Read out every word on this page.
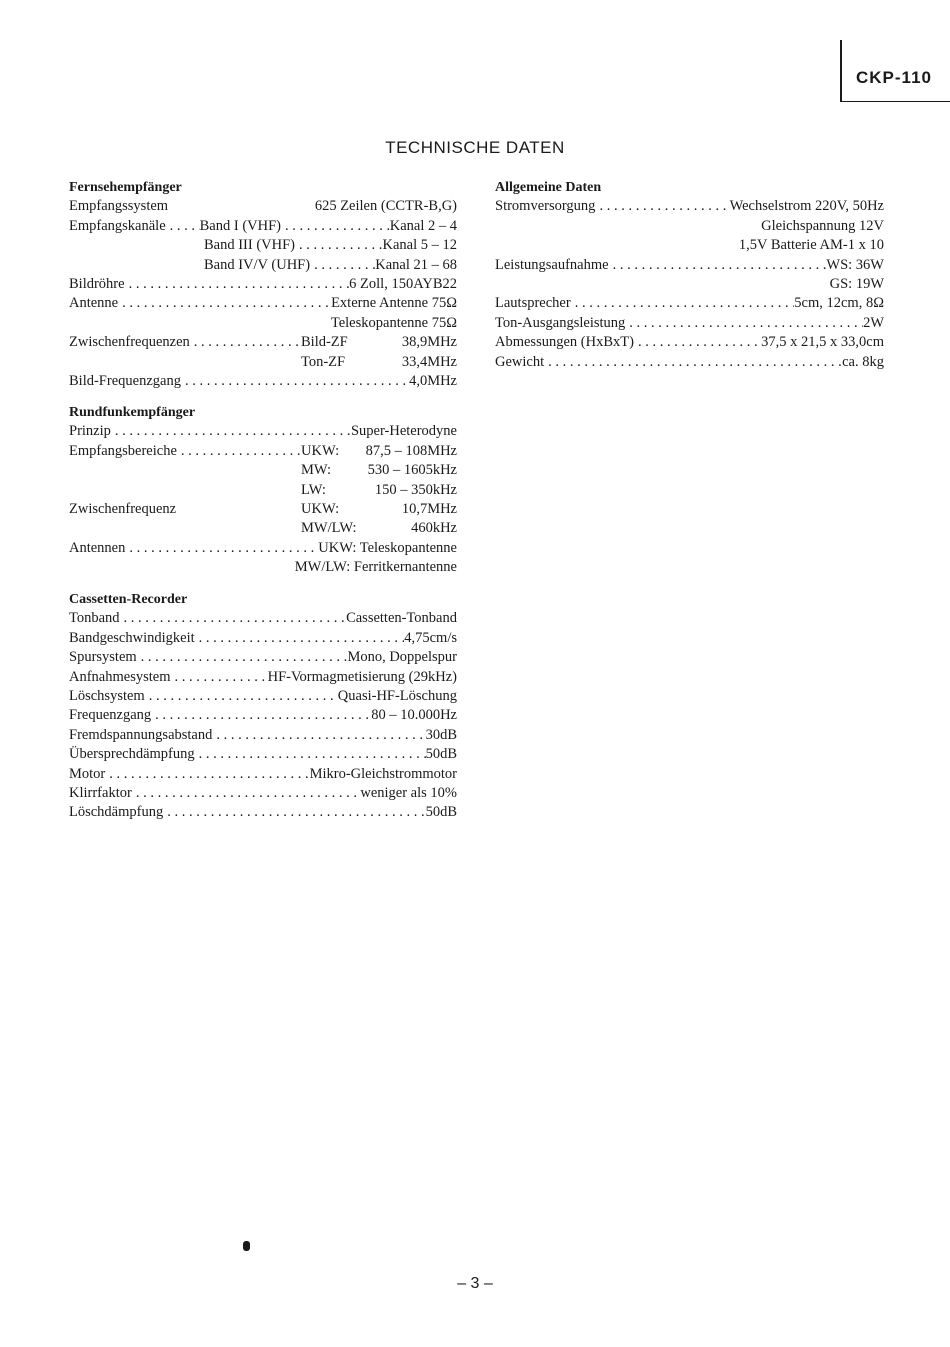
CKP-110
TECHNISCHE DATEN
Fernsehempfänger
Empfangssystem	625 Zeilen (CCTR-B,G)
Empfangskanäle . . . Band I (VHF) . . .	Kanal 2 – 4
Band III (VHF) . . .	Kanal 5 – 12
Band IV/V (UHF) . . .	Kanal 21 – 68
Bildröhre . . .	6 Zoll, 150AYB22
Antenne . . .	Externe Antenne 75Ω
Teleskopantenne 75Ω
Zwischenfrequenzen . . .	Bild-ZF	38,9MHz
Ton-ZF	33,4MHz
Bild-Frequenzgang . . .	4,0MHz
Rundfunkempfänger
Prinzip . . .	Super-Heterodyne
Empfangsbereiche . . .	UKW:	87,5 – 108MHz
MW:	530 – 1605kHz
LW:	150 – 350kHz
Zwischenfrequenz	UKW:	10,7MHz
MW/LW:	460kHz
Antennen . . .	UKW: Teleskopantenne
MW/LW: Ferritkernantenne
Cassetten-Recorder
Tonband . . .	Cassetten-Tonband
Bandgeschwindigkeit . . .	4,75cm/s
Spursystem . . .	Mono, Doppelspur
Anfnahmesystem . . .	HF-Vormagmetisierung (29kHz)
Löschsystem . . .	Quasi-HF-Löschung
Frequenzgang . . .	80 – 10.000Hz
Fremdspannungsabstand . . .	30dB
Übersprechdämpfung . . .	50dB
Motor . . .	Mikro-Gleichstrommotor
Klirrfaktor . . .	weniger als 10%
Löschdämpfung . . .	50dB
Allgemeine Daten
Stromversorgung . . .	Wechselstrom 220V, 50Hz
Gleichspannung 12V
1,5V Batterie AM-1 x 10
Leistungsaufnahme . . .	WS: 36W
GS: 19W
Lautsprecher . . .	5cm, 12cm, 8Ω
Ton-Ausgangsleistung . . .	2W
Abmessungen (HxBxT) . . .	37,5 x 21,5 x 33,0cm
Gewicht . . .	ca. 8kg
– 3 –
